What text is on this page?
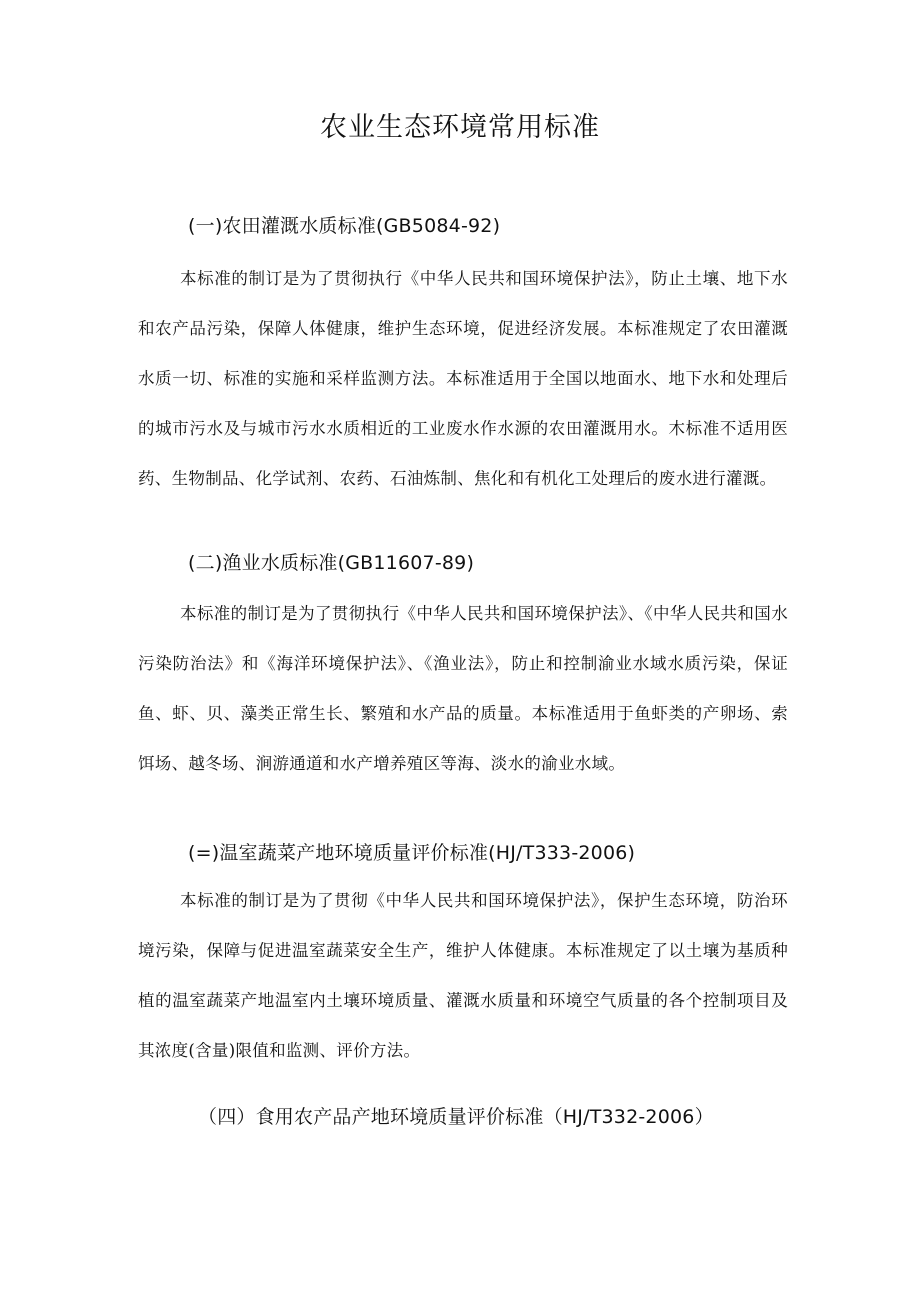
农业生态环境常用标准
(一)农田灌溉水质标准(GB5084-92)

本标准的制订是为了贯彻执行《中华人民共和国环境保护法》，防止土壤、地下水和农产品污染，保障人体健康，维护生态环境，促进经济发展。本标准规定了农田灌溉水质一切、标准的实施和采样监测方法。本标准适用于全国以地面水、地下水和处理后的城市污水及与城市污水水质相近的工业废水作水源的农田灌溉用水。木标准不适用医药、生物制品、化学试剂、农药、石油炼制、焦化和有机化工处理后的废水进行灌溉。

(二)渔业水质标准(GB11607-89)

本标准的制订是为了贯彻执行《中华人民共和国环境保护法》、《中华人民共和国水污染防治法》和《海洋环境保护法》、《渔业法》，防止和控制渝业水域水质污染，保证鱼、虾、贝、藻类正常生长、繁殖和水产品的质量。本标准适用于鱼虾类的产卵场、索饵场、越冬场、涧游通道和水产增养殖区等海、淡水的渝业水域。

(=)温室蔬菜产地环境质量评价标准(HJ/T333-2006)

本标准的制订是为了贯彻《中华人民共和国环境保护法》，保护生态环境，防治环境污染，保障与促进温室蔬菜安全生产，维护人体健康。本标准规定了以土壤为基质种植的温室蔬菜产地温室内土壤环境质量、灌溉水质量和环境空气质量的各个控制项目及其浓度(含量)限值和监测、评价方法。

（四）食用农产品产地环境质量评价标准（HJ/T332-2006）
